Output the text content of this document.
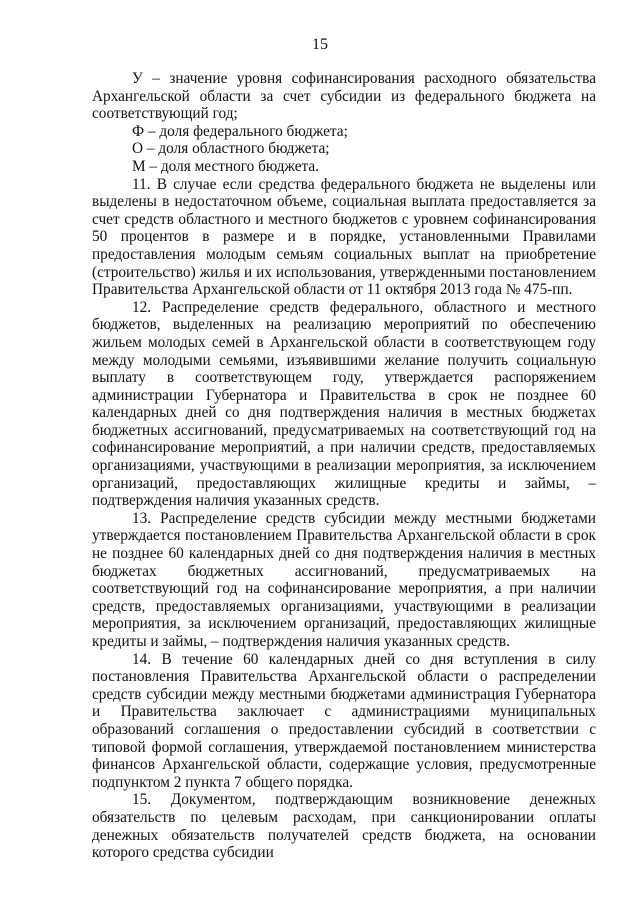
15

У – значение уровня софинансирования расходного обязательства Архангельской области за счет субсидии из федерального бюджета на соответствующий год;

Ф – доля федерального бюджета;

О – доля областного бюджета;

М – доля местного бюджета.

11. В случае если средства федерального бюджета не выделены или выделены в недостаточном объеме, социальная выплата предоставляется за счет средств областного и местного бюджетов с уровнем софинансирования 50 процентов в размере и в порядке, установленными Правилами предоставления молодым семьям социальных выплат на приобретение (строительство) жилья и их использования, утвержденными постановлением Правительства Архангельской области от 11 октября 2013 года № 475-пп.

12. Распределение средств федерального, областного и местного бюджетов, выделенных на реализацию мероприятий по обеспечению жильем молодых семей в Архангельской области в соответствующем году между молодыми семьями, изъявившими желание получить социальную выплату в соответствующем году, утверждается распоряжением администрации Губернатора и Правительства в срок не позднее 60 календарных дней со дня подтверждения наличия в местных бюджетах бюджетных ассигнований, предусматриваемых на соответствующий год на софинансирование мероприятий, а при наличии средств, предоставляемых организациями, участвующими в реализации мероприятия, за исключением организаций, предоставляющих жилищные кредиты и займы, – подтверждения наличия указанных средств.

13. Распределение средств субсидии между местными бюджетами утверждается постановлением Правительства Архангельской области в срок не позднее 60 календарных дней со дня подтверждения наличия в местных бюджетах бюджетных ассигнований, предусматриваемых на соответствующий год на софинансирование мероприятия, а при наличии средств, предоставляемых организациями, участвующими в реализации мероприятия, за исключением организаций, предоставляющих жилищные кредиты и займы, – подтверждения наличия указанных средств.

14. В течение 60 календарных дней со дня вступления в силу постановления Правительства Архангельской области о распределении средств субсидии между местными бюджетами администрация Губернатора и Правительства заключает с администрациями муниципальных образований соглашения о предоставлении субсидий в соответствии с типовой формой соглашения, утверждаемой постановлением министерства финансов Архангельской области, содержащие условия, предусмотренные подпунктом 2 пункта 7 общего порядка.

15. Документом, подтверждающим возникновение денежных обязательств по целевым расходам, при санкционировании оплаты денежных обязательств получателей средств бюджета, на основании которого средства субсидии
